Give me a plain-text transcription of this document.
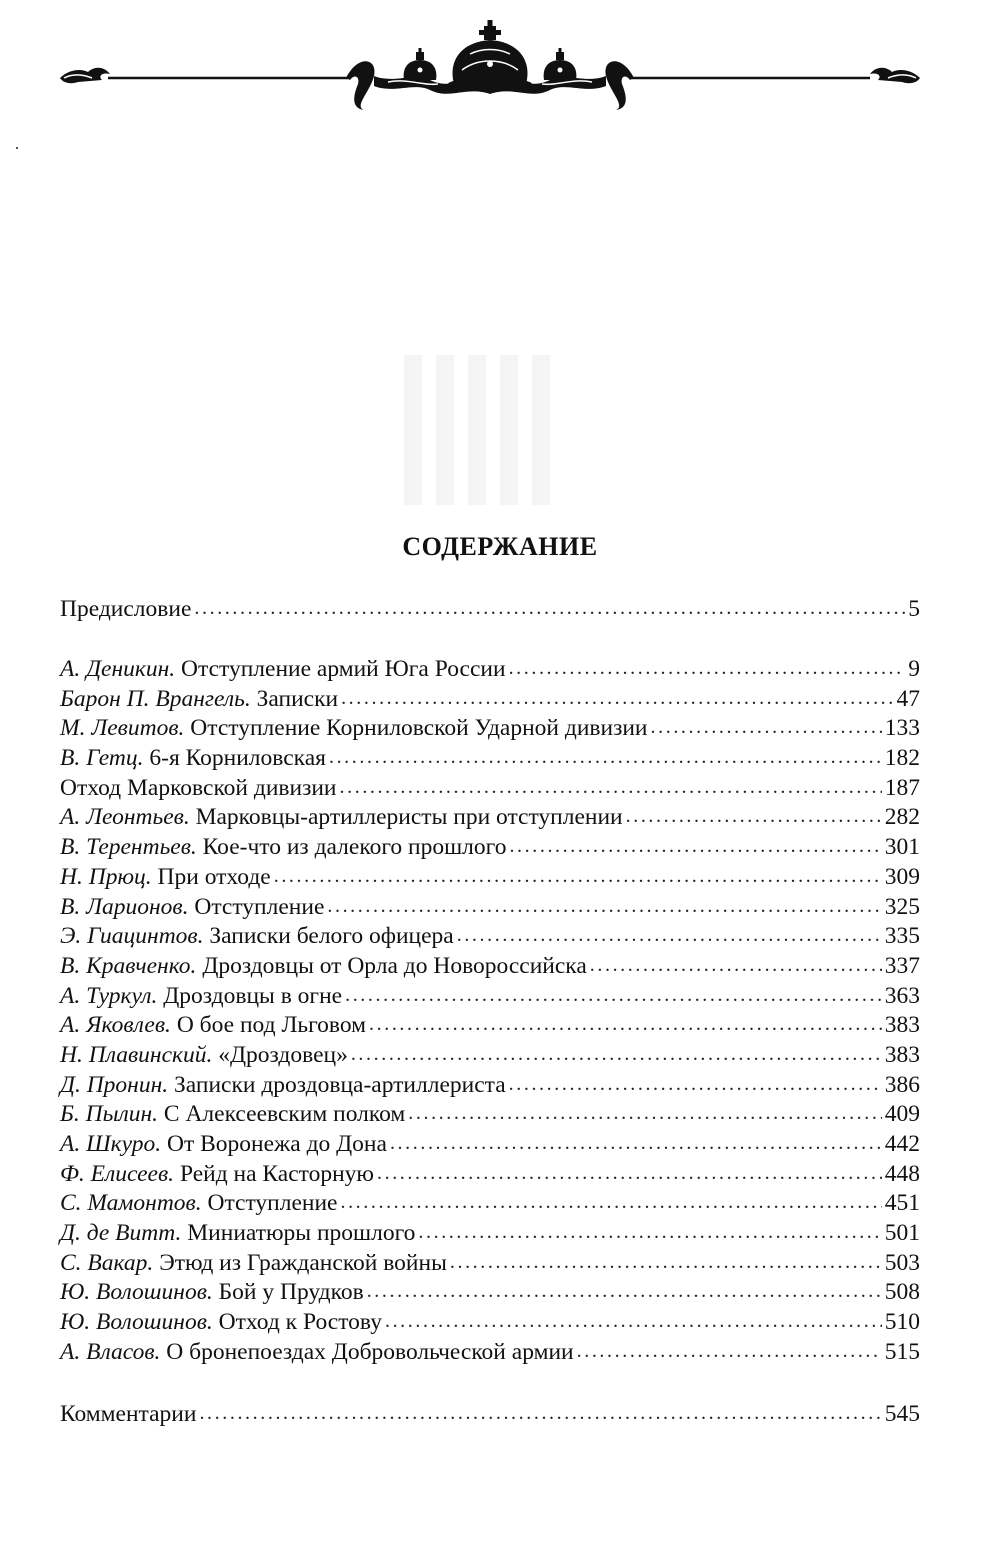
СОДЕРЖАНИЕ
Предисловие .....	5
А. Деникин. Отступление армий Юга России .....	9
Барон П. Врангель. Записки .....	47
М. Левитов. Отступление Корниловской Ударной дивизии .....	133
В. Гетц. 6-я Корниловская .....	182
Отход Марковской дивизии .....	187
А. Леонтьев. Марковцы-артиллеристы при отступлении .....	282
В. Терентьев. Кое-что из далекого прошлого .....	301
Н. Прюц. При отходе .....	309
В. Ларионов. Отступление .....	325
Э. Гиацинтов. Записки белого офицера .....	335
В. Кравченко. Дроздовцы от Орла до Новороссийска .....	337
А. Туркул. Дроздовцы в огне .....	363
А. Яковлев. О бое под Льговом .....	383
Н. Плавинский. «Дроздовец» .....	383
Д. Пронин. Записки дроздовца-артиллериста .....	386
Б. Пылин. С Алексеевским полком .....	409
А. Шкуро. От Воронежа до Дона .....	442
Ф. Елисеев. Рейд на Касторную .....	448
С. Мамонтов. Отступление .....	451
Д. де Витт. Миниатюры прошлого .....	501
С. Вакар. Этюд из Гражданской войны .....	503
Ю. Волошинов. Бой у Прудков .....	508
Ю. Волошинов. Отход к Ростову .....	510
А. Власов. О бронепоездах Добровольческой армии .....	515
Комментарии .....	545
